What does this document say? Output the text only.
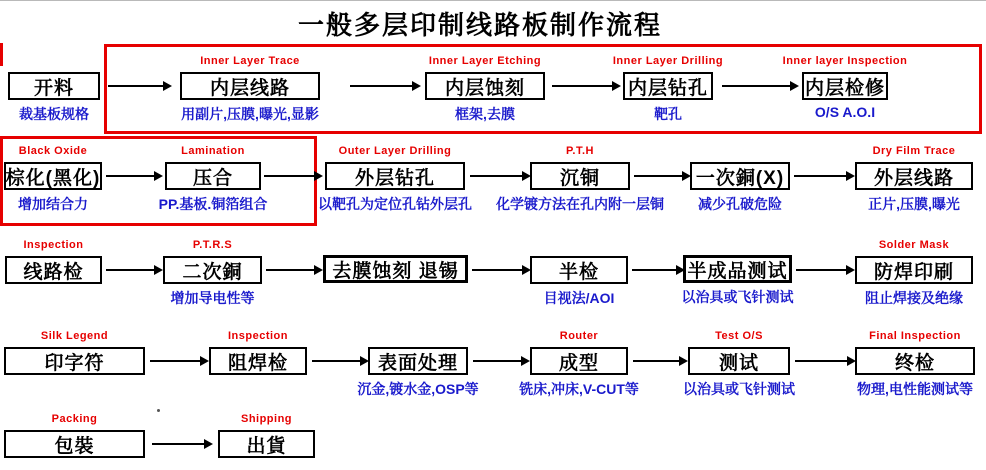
一般多层印制线路板制作流程
开料
裁基板规格
Inner Layer Trace
内层线路
用副片,压膜,曝光,显影
Inner Layer Etching
内层蚀刻
框架,去膜
Inner Layer Drilling
内层钻孔
靶孔
Inner layer Inspection
内层检修
O/S A.O.I
Black Oxide
棕化(黑化)
增加结合力
Lamination
压合
PP.基板.铜箔组合
Outer Layer Drilling
外层钻孔
以靶孔为定位孔钻外层孔
P.T.H
沉铜
化学镀方法在孔内附一层铜
一次銅(X)
减少孔破危险
Dry Film Trace
外层线路
正片,压膜,曝光
Inspection
线路检
P.T.R.S
二次銅
增加导电性等
去膜蚀刻 退锡	半检
目视法/AOI
半成品测试
以治具或飞针测试
Solder Mask
防焊印刷
阻止焊接及绝缘
Silk Legend
印字符
Inspection
阻焊检	表面处理
沉金,镀水金,OSP等
Router
成型
铣床,冲床,V-CUT等
Test O/S
测试
以治具或飞针测试
Final Inspection
终检
物理,电性能测试等
Packing
包裝
Shipping
出貨
